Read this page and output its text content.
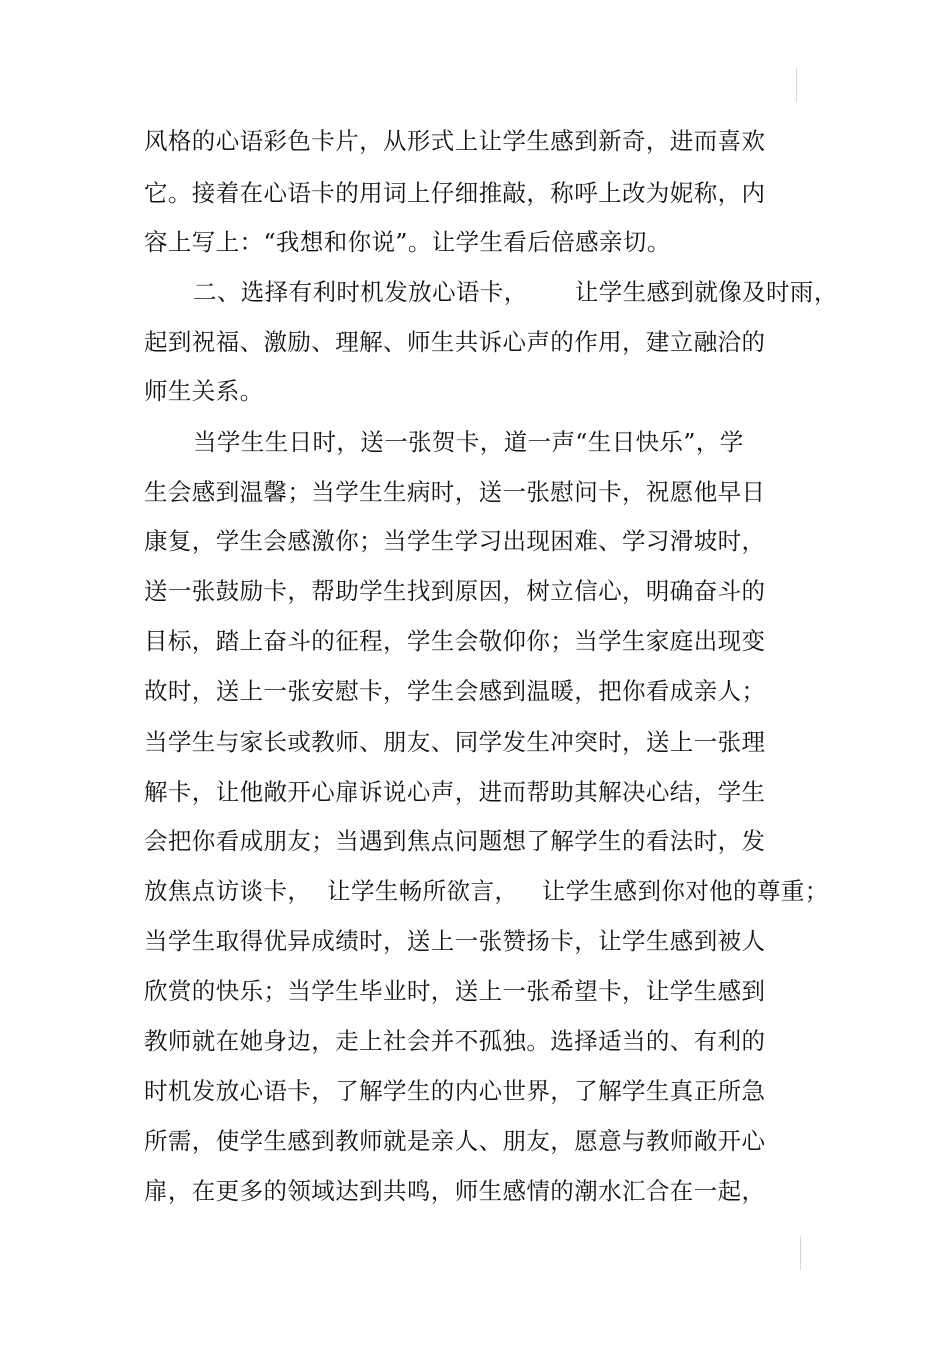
风格的心语彩色卡片，从形式上让学生感到新奇，进而喜欢
它。接着在心语卡的用词上仔细推敲，称呼上改为妮称，内
容上写上：“我想和你说”。让学生看后倍感亲切。
二、选择有利时机发放心语卡，      让学生感到就像及时雨，
起到祝福、激励、理解、师生共诉心声的作用，建立融洽的
师生关系。
当学生生日时，送一张贺卡，道一声“生日快乐”，学
生会感到温馨；当学生生病时，送一张慰问卡，祝愿他早日
康复，学生会感激你；当学生学习出现困难、学习滑坡时，
送一张鼓励卡，帮助学生找到原因，树立信心，明确奋斗的
目标，踏上奋斗的征程，学生会敬仰你；当学生家庭出现变
故时，送上一张安慰卡，学生会感到温暖，把你看成亲人；
当学生与家长或教师、朋友、同学发生冲突时，送上一张理
解卡，让他敞开心扉诉说心声，进而帮助其解决心结，学生
会把你看成朋友；当遇到焦点问题想了解学生的看法时，发
放焦点访谈卡，  让学生畅所欲言，   让学生感到你对他的尊重；
当学生取得优异成绩时，送上一张赞扬卡，让学生感到被人
欣赏的快乐；当学生毕业时，送上一张希望卡，让学生感到
教师就在她身边，走上社会并不孤独。选择适当的、有利的
时机发放心语卡，了解学生的内心世界，了解学生真正所急
所需，使学生感到教师就是亲人、朋友，愿意与教师敞开心
扉，在更多的领域达到共鸣，师生感情的潮水汇合在一起，
